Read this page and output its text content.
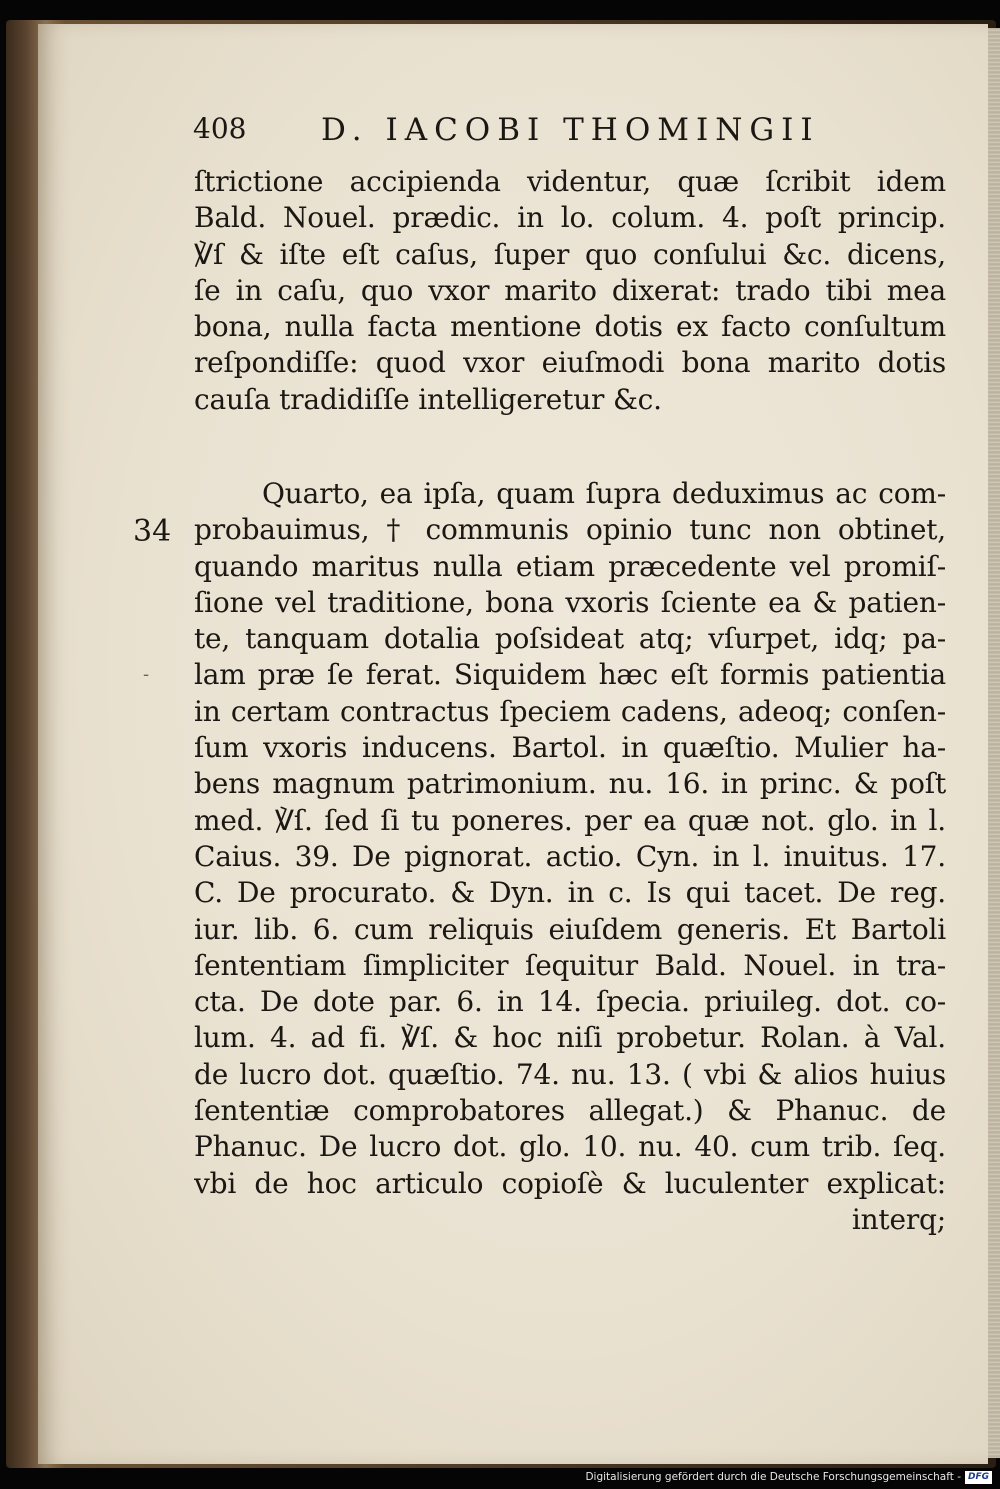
408 D. IACOBI THOMINGII
ſtrictione accipienda videntur, quæ ſcribit idem
Bald. Nouel. prædic. in lo. colum. 4. poſt princip.
℣ſ & iſte eſt caſus, ſuper quo conſului &c. dicens,
ſe in caſu, quo vxor marito dixerat: trado tibi mea
bona, nulla facta mentione dotis ex facto conſultum
reſpondiſſe: quod vxor eiuſmodi bona marito dotis
cauſa tradidiſſe intelligeretur &c.
34
-
Quarto, ea ipſa, quam ſupra deduximus ac com-
probauimus, † communis opinio tunc non obtinet,
quando maritus nulla etiam præcedente vel promiſ-
ſione vel traditione, bona vxoris ſciente ea & patien-
te, tanquam dotalia poſsideat atq; vſurpet, idq; pa-
lam præ ſe ferat. Siquidem hæc eſt formis patientia
in certam contractus ſpeciem cadens, adeoq; conſen-
ſum vxoris inducens. Bartol. in quæſtio. Mulier ha-
bens magnum patrimonium. nu. 16. in princ. & poſt
med. ℣ſ. ſed ſi tu poneres. per ea quæ not. glo. in l.
Caius. 39. De pignorat. actio. Cyn. in l. inuitus. 17.
C. De procurato. & Dyn. in c. Is qui tacet. De reg.
iur. lib. 6. cum reliquis eiuſdem generis. Et Bartoli
ſententiam ſimpliciter ſequitur Bald. Nouel. in tra-
cta. De dote par. 6. in 14. ſpecia. priuileg. dot. co-
lum. 4. ad fi. ℣ſ. & hoc niſi probetur. Rolan. à Val.
de lucro dot. quæſtio. 74. nu. 13. ( vbi & alios huius
ſententiæ comprobatores allegat.) & Phanuc. de
Phanuc. De lucro dot. glo. 10. nu. 40. cum trib. ſeq.
vbi de hoc articulo copioſè & luculenter explicat:
interq;
Digitalisierung gefördert durch die Deutsche Forschungsgemeinschaft - DFG
